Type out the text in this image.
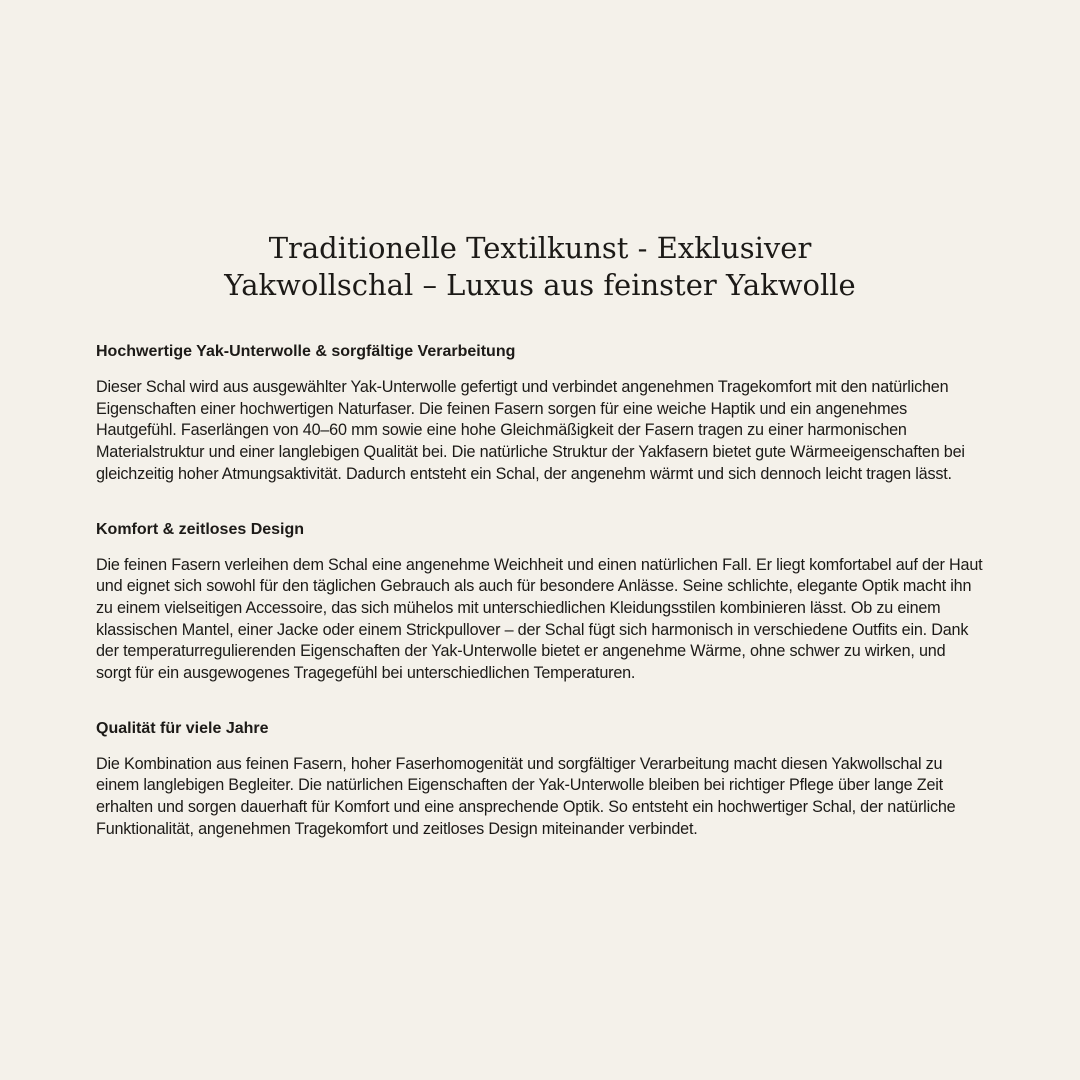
Traditionelle Textilkunst - Exklusiver
Yakwollschal – Luxus aus feinster Yakwolle
Hochwertige Yak-Unterwolle & sorgfältige Verarbeitung

Dieser Schal wird aus ausgewählter Yak-Unterwolle gefertigt und verbindet angenehmen Tragekomfort mit den natürlichen Eigenschaften einer hochwertigen Naturfaser. Die feinen Fasern sorgen für eine weiche Haptik und ein angenehmes Hautgefühl. Faserlängen von 40–60 mm sowie eine hohe Gleichmäßigkeit der Fasern tragen zu einer harmonischen Materialstruktur und einer langlebigen Qualität bei. Die natürliche Struktur der Yakfasern bietet gute Wärmeeigenschaften bei gleichzeitig hoher Atmungsaktivität. Dadurch entsteht ein Schal, der angenehm wärmt und sich dennoch leicht tragen lässt.

Komfort & zeitloses Design

Die feinen Fasern verleihen dem Schal eine angenehme Weichheit und einen natürlichen Fall. Er liegt komfortabel auf der Haut und eignet sich sowohl für den täglichen Gebrauch als auch für besondere Anlässe. Seine schlichte, elegante Optik macht ihn zu einem vielseitigen Accessoire, das sich mühelos mit unterschiedlichen Kleidungsstilen kombinieren lässt. Ob zu einem klassischen Mantel, einer Jacke oder einem Strickpullover – der Schal fügt sich harmonisch in verschiedene Outfits ein. Dank der temperaturregulierenden Eigenschaften der Yak-Unterwolle bietet er angenehme Wärme, ohne schwer zu wirken, und sorgt für ein ausgewogenes Tragegefühl bei unterschiedlichen Temperaturen.

Qualität für viele Jahre

Die Kombination aus feinen Fasern, hoher Faserhomogenität und sorgfältiger Verarbeitung macht diesen Yakwollschal zu einem langlebigen Begleiter. Die natürlichen Eigenschaften der Yak-Unterwolle bleiben bei richtiger Pflege über lange Zeit erhalten und sorgen dauerhaft für Komfort und eine ansprechende Optik. So entsteht ein hochwertiger Schal, der natürliche Funktionalität, angenehmen Tragekomfort und zeitloses Design miteinander verbindet.
